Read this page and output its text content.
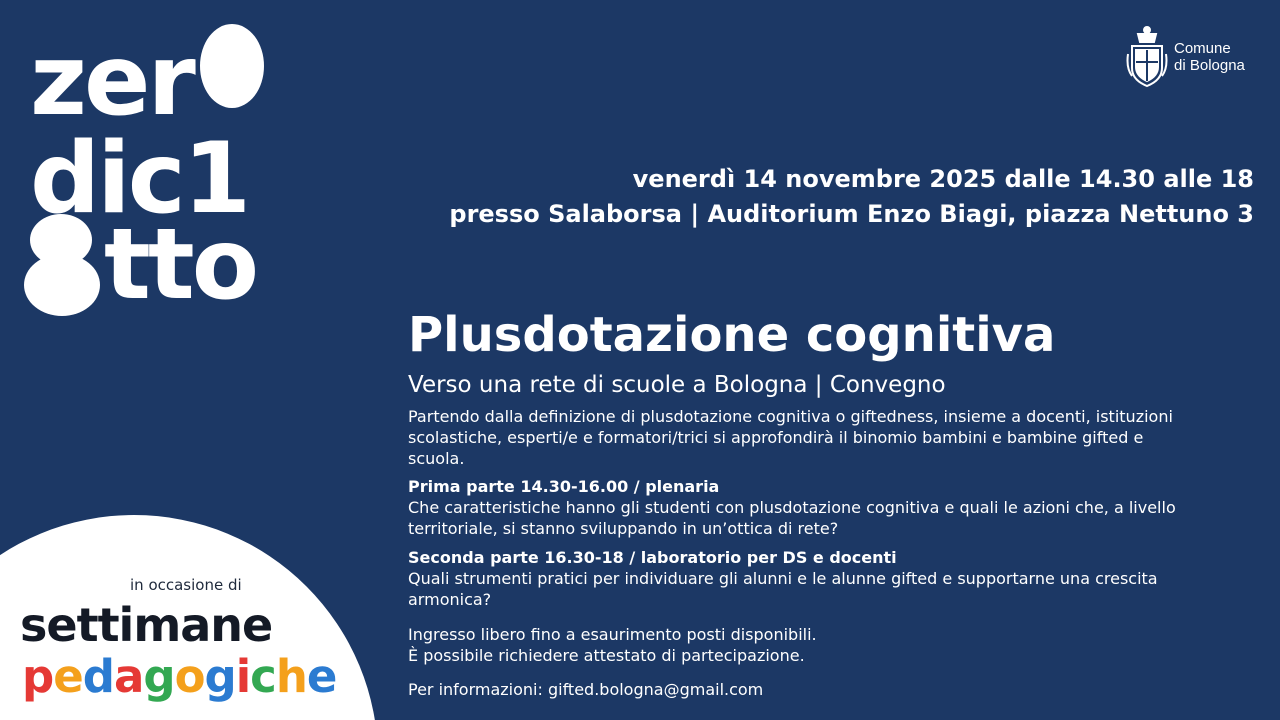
zer
dic1
tto
Comune
di Bologna
venerdì 14 novembre 2025 dalle 14.30 alle 18
presso Salaborsa | Auditorium Enzo Biagi, piazza Nettuno 3
Plusdotazione cognitiva
Verso una rete di scuole a Bologna | Convegno
Partendo dalla definizione di plusdotazione cognitiva o giftedness, insieme a docenti, istituzioni
scolastiche, esperti/e e formatori/trici si approfondirà il binomio bambini e bambine gifted e
scuola.
Prima parte 14.30-16.00 / plenaria
Che caratteristiche hanno gli studenti con plusdotazione cognitiva e quali le azioni che, a livello
territoriale, si stanno sviluppando in un’ottica di rete?
Seconda parte 16.30-18 / laboratorio per DS e docenti
Quali strumenti pratici per individuare gli alunni e le alunne gifted e supportarne una crescita
armonica?
Ingresso libero fino a esaurimento posti disponibili.
È possibile richiedere attestato di partecipazione.
Per informazioni: gifted.bologna@gmail.com
in occasione di
settimane
pedagogiche
